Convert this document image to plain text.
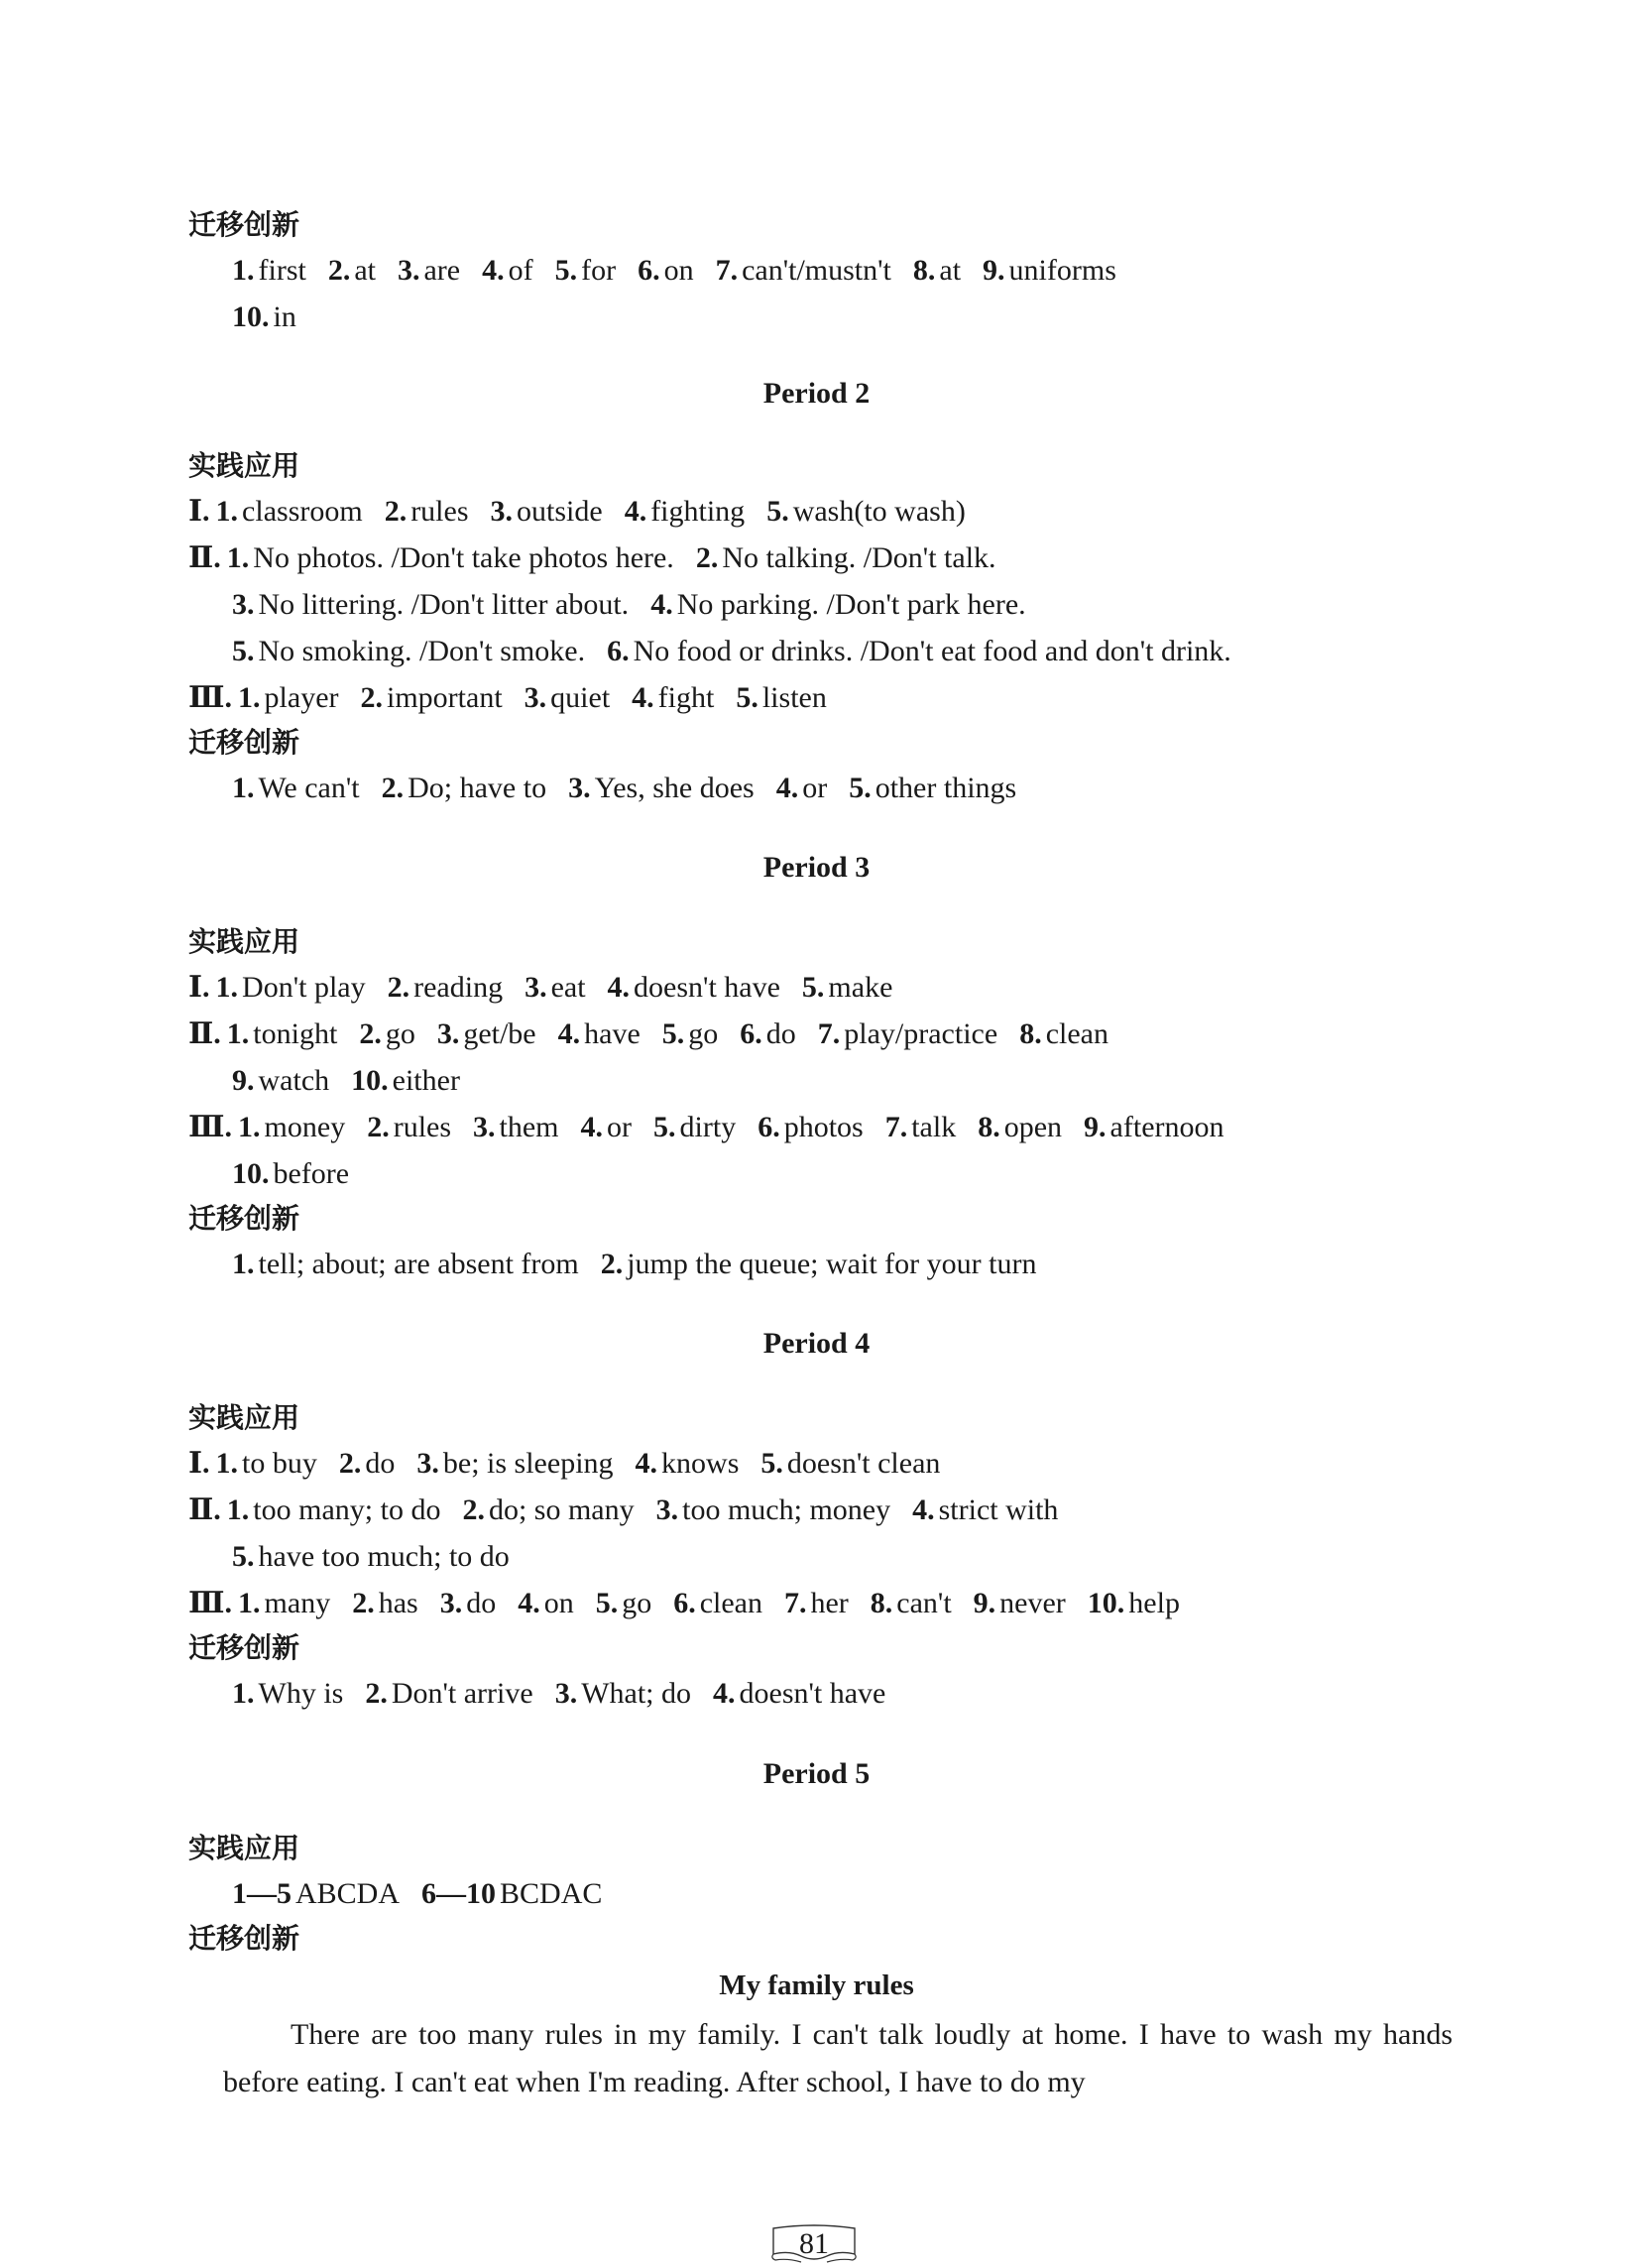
迁移创新

1. first 2. at 3. are 4. of 5. for 6. on 7. can't/mustn't 8. at 9. uniforms

10. in

Period 2

实践应用

Ⅰ. 1. classroom 2. rules 3. outside 4. fighting 5. wash(to wash)

Ⅱ. 1. No photos. /Don't take photos here. 2. No talking. /Don't talk.

3. No littering. /Don't litter about. 4. No parking. /Don't park here.

5. No smoking. /Don't smoke. 6. No food or drinks. /Don't eat food and don't drink.

Ⅲ. 1. player 2. important 3. quiet 4. fight 5. listen

迁移创新

1. We can't 2. Do; have to 3. Yes, she does 4. or 5. other things

Period 3

实践应用

Ⅰ. 1. Don't play 2. reading 3. eat 4. doesn't have 5. make

Ⅱ. 1. tonight 2. go 3. get/be 4. have 5. go 6. do 7. play/practice 8. clean

9. watch 10. either

Ⅲ. 1. money 2. rules 3. them 4. or 5. dirty 6. photos 7. talk 8. open 9. afternoon

10. before

迁移创新

1. tell; about; are absent from 2. jump the queue; wait for your turn

Period 4

实践应用

Ⅰ. 1. to buy 2. do 3. be; is sleeping 4. knows 5. doesn't clean

Ⅱ. 1. too many; to do 2. do; so many 3. too much; money 4. strict with

5. have too much; to do

Ⅲ. 1. many 2. has 3. do 4. on 5. go 6. clean 7. her 8. can't 9. never 10. help

迁移创新

1. Why is 2. Don't arrive 3. What; do 4. doesn't have

Period 5

实践应用

1—5 ABCDA 6—10 BCDAC

迁移创新

My family rules

There are too many rules in my family. I can't talk loudly at home. I have to wash my hands before eating. I can't eat when I'm reading. After school, I have to do my

81
